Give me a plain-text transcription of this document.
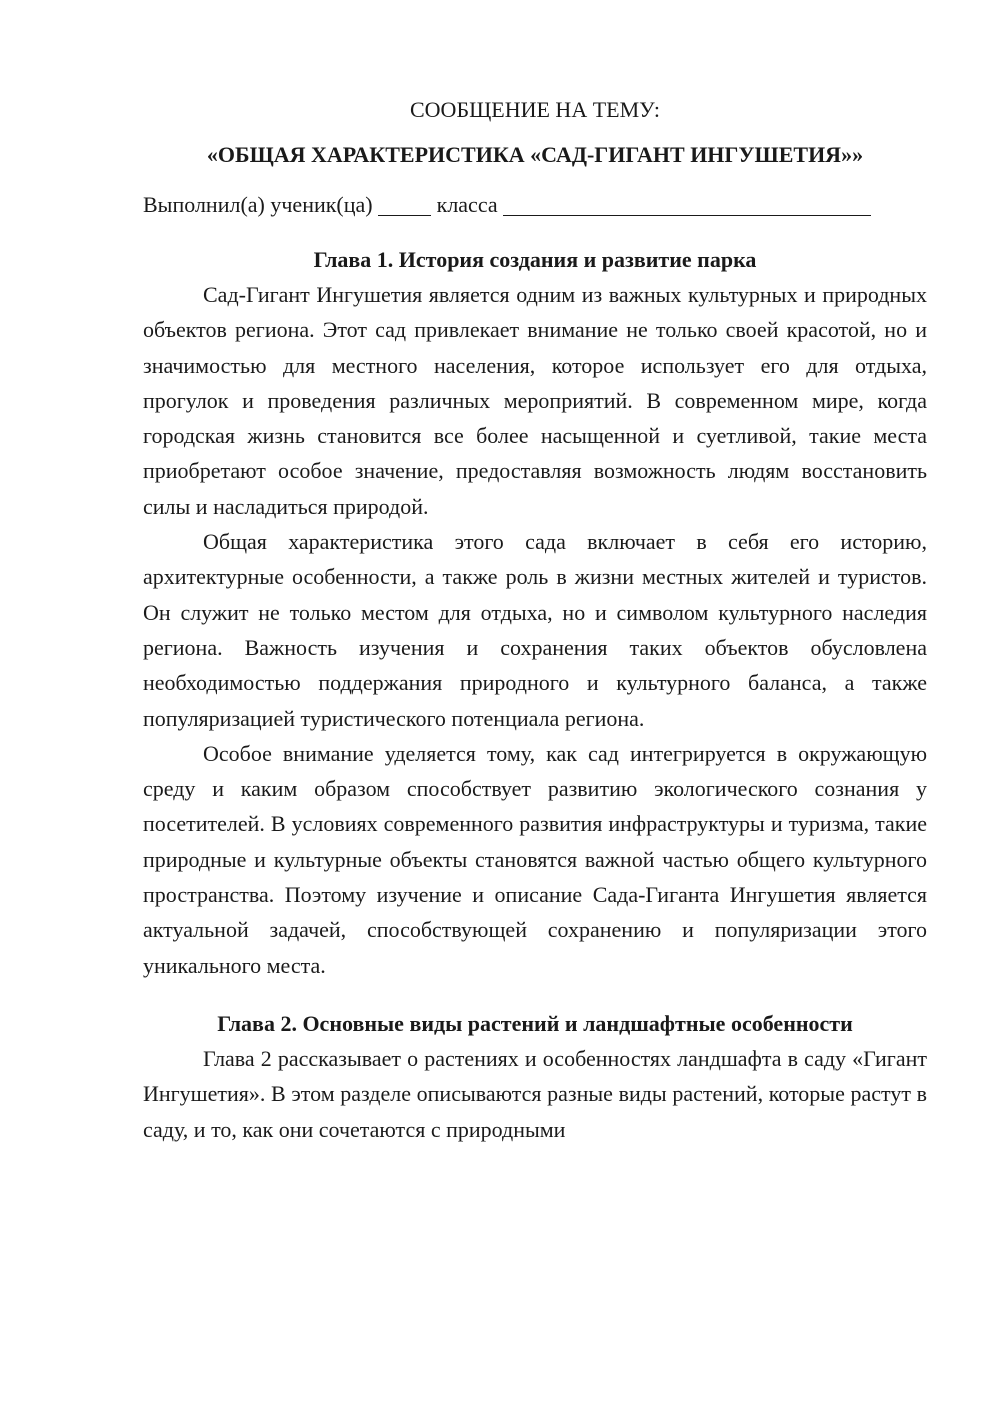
СООБЩЕНИЕ НА ТЕМУ:
«ОБЩАЯ ХАРАКТЕРИСТИКА «САД-ГИГАНТ ИНГУШЕТИЯ»»
Выполнил(а) ученик(ца)	класса
Глава 1. История создания и развитие парка

Сад-Гигант Ингушетия является одним из важных культурных и природных объектов региона. Этот сад привлекает внимание не только своей красотой, но и значимостью для местного населения, которое использует его для отдыха, прогулок и проведения различных мероприятий. В современном мире, когда городская жизнь становится все более насыщенной и суетливой, такие места приобретают особое значение, предоставляя возможность людям восстановить силы и насладиться природой.

Общая характеристика этого сада включает в себя его историю, архитектурные особенности, а также роль в жизни местных жителей и туристов. Он служит не только местом для отдыха, но и символом культурного наследия региона. Важность изучения и сохранения таких объектов обусловлена необходимостью поддержания природного и культурного баланса, а также популяризацией туристического потенциала региона.

Особое внимание уделяется тому, как сад интегрируется в окружающую среду и каким образом способствует развитию экологического сознания у посетителей. В условиях современного развития инфраструктуры и туризма, такие природные и культурные объекты становятся важной частью общего культурного пространства. Поэтому изучение и описание Сада-Гиганта Ингушетия является актуальной задачей, способствующей сохранению и популяризации этого уникального места.

Глава 2. Основные виды растений и ландшафтные особенности

Глава 2 рассказывает о растениях и особенностях ландшафта в саду «Гигант Ингушетия». В этом разделе описываются разные виды растений, которые растут в саду, и то, как они сочетаются с природными
